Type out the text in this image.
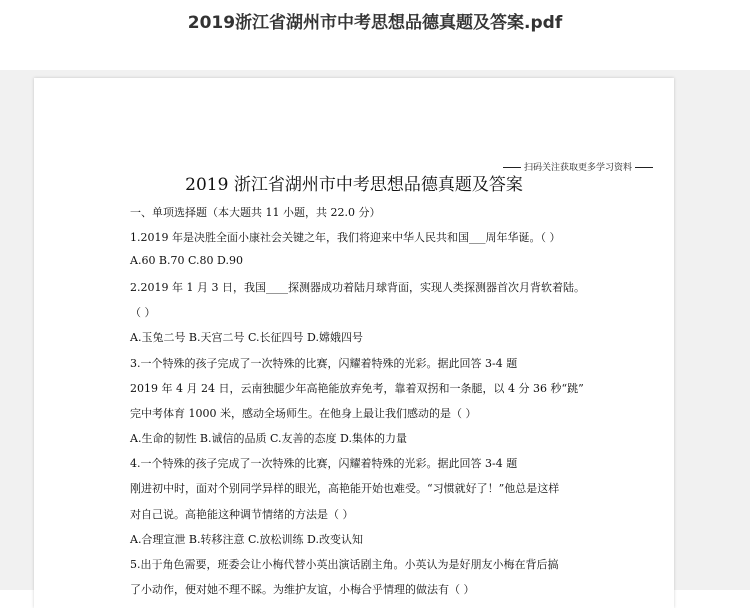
2019浙江省湖州市中考思想品德真题及答案.pdf
扫码关注获取更多学习资料
2019 浙江省湖州市中考思想品德真题及答案
一、单项选择题（本大题共 11 小题，共 22.0 分）
1.2019 年是决胜全面小康社会关键之年，我们将迎来中华人民共和国___周年华诞。（ ）
A.60 B.70 C.80 D.90
2.2019 年 1 月 3 日，我国____探测器成功着陆月球背面，实现人类探测器首次月背软着陆。
（ ）
A.玉兔二号 B.天宫二号 C.长征四号 D.嫦娥四号
3.一个特殊的孩子完成了一次特殊的比赛，闪耀着特殊的光彩。据此回答 3-4 题
2019 年 4 月 24 日，云南独腿少年高艳能放弃免考，靠着双拐和一条腿，以 4 分 36 秒“跳”
完中考体育 1000 米，感动全场师生。在他身上最让我们感动的是（ ）
A.生命的韧性 B.诚信的品质 C.友善的态度 D.集体的力量
4.一个特殊的孩子完成了一次特殊的比赛，闪耀着特殊的光彩。据此回答 3-4 题
刚进初中时，面对个别同学异样的眼光，高艳能开始也难受。“习惯就好了！”他总是这样
对自己说。高艳能这种调节情绪的方法是（ ）
A.合理宣泄 B.转移注意 C.放松训练 D.改变认知
5.出于角色需要，班委会让小梅代替小英出演话剧主角。小英认为是好朋友小梅在背后搞
了小动作，便对她不理不睬。为维护友谊，小梅合乎情理的做法有（ ）
